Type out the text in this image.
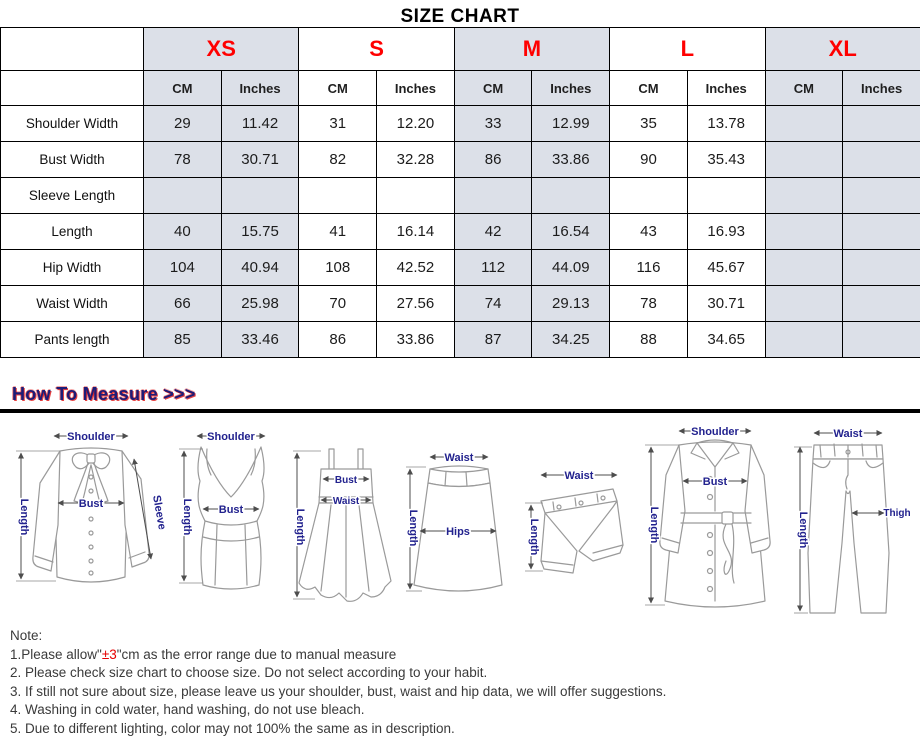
SIZE CHART
	XS		S		M		L		XL	
	CM	Inches	CM	Inches	CM	Inches	CM	Inches	CM	Inches
Shoulder Width	29	11.42	31	12.20	33	12.99	35	13.78		
Bust Width	78	30.71	82	32.28	86	33.86	90	35.43		
Sleeve Length										
Length	40	15.75	41	16.14	42	16.54	43	16.93		
Hip Width	104	40.94	108	42.52	112	44.09	116	45.67		
Waist Width	66	25.98	70	27.56	74	29.13	78	30.71		
Pants length	85	33.46	86	33.86	87	34.25	88	34.65		
How To Measure >>>
Shoulder
Bust
Length	Sleeve
Shoulder
Bust
Length
Bust
Waist
Length
Waist
Hips
Length
Waist
Length
Shoulder
Bust
Length
Waist
Thigh
Length
Note:
1.Please allow"±3"cm as the error range due to manual measure
2. Please check size chart to choose size. Do not select according to your habit.
3. If still not sure about size, please leave us your shoulder, bust, waist and hip data, we will offer suggestions.
4. Washing in cold water, hand washing, do not use bleach.
5. Due to different lighting, color may not 100% the same as in description.
